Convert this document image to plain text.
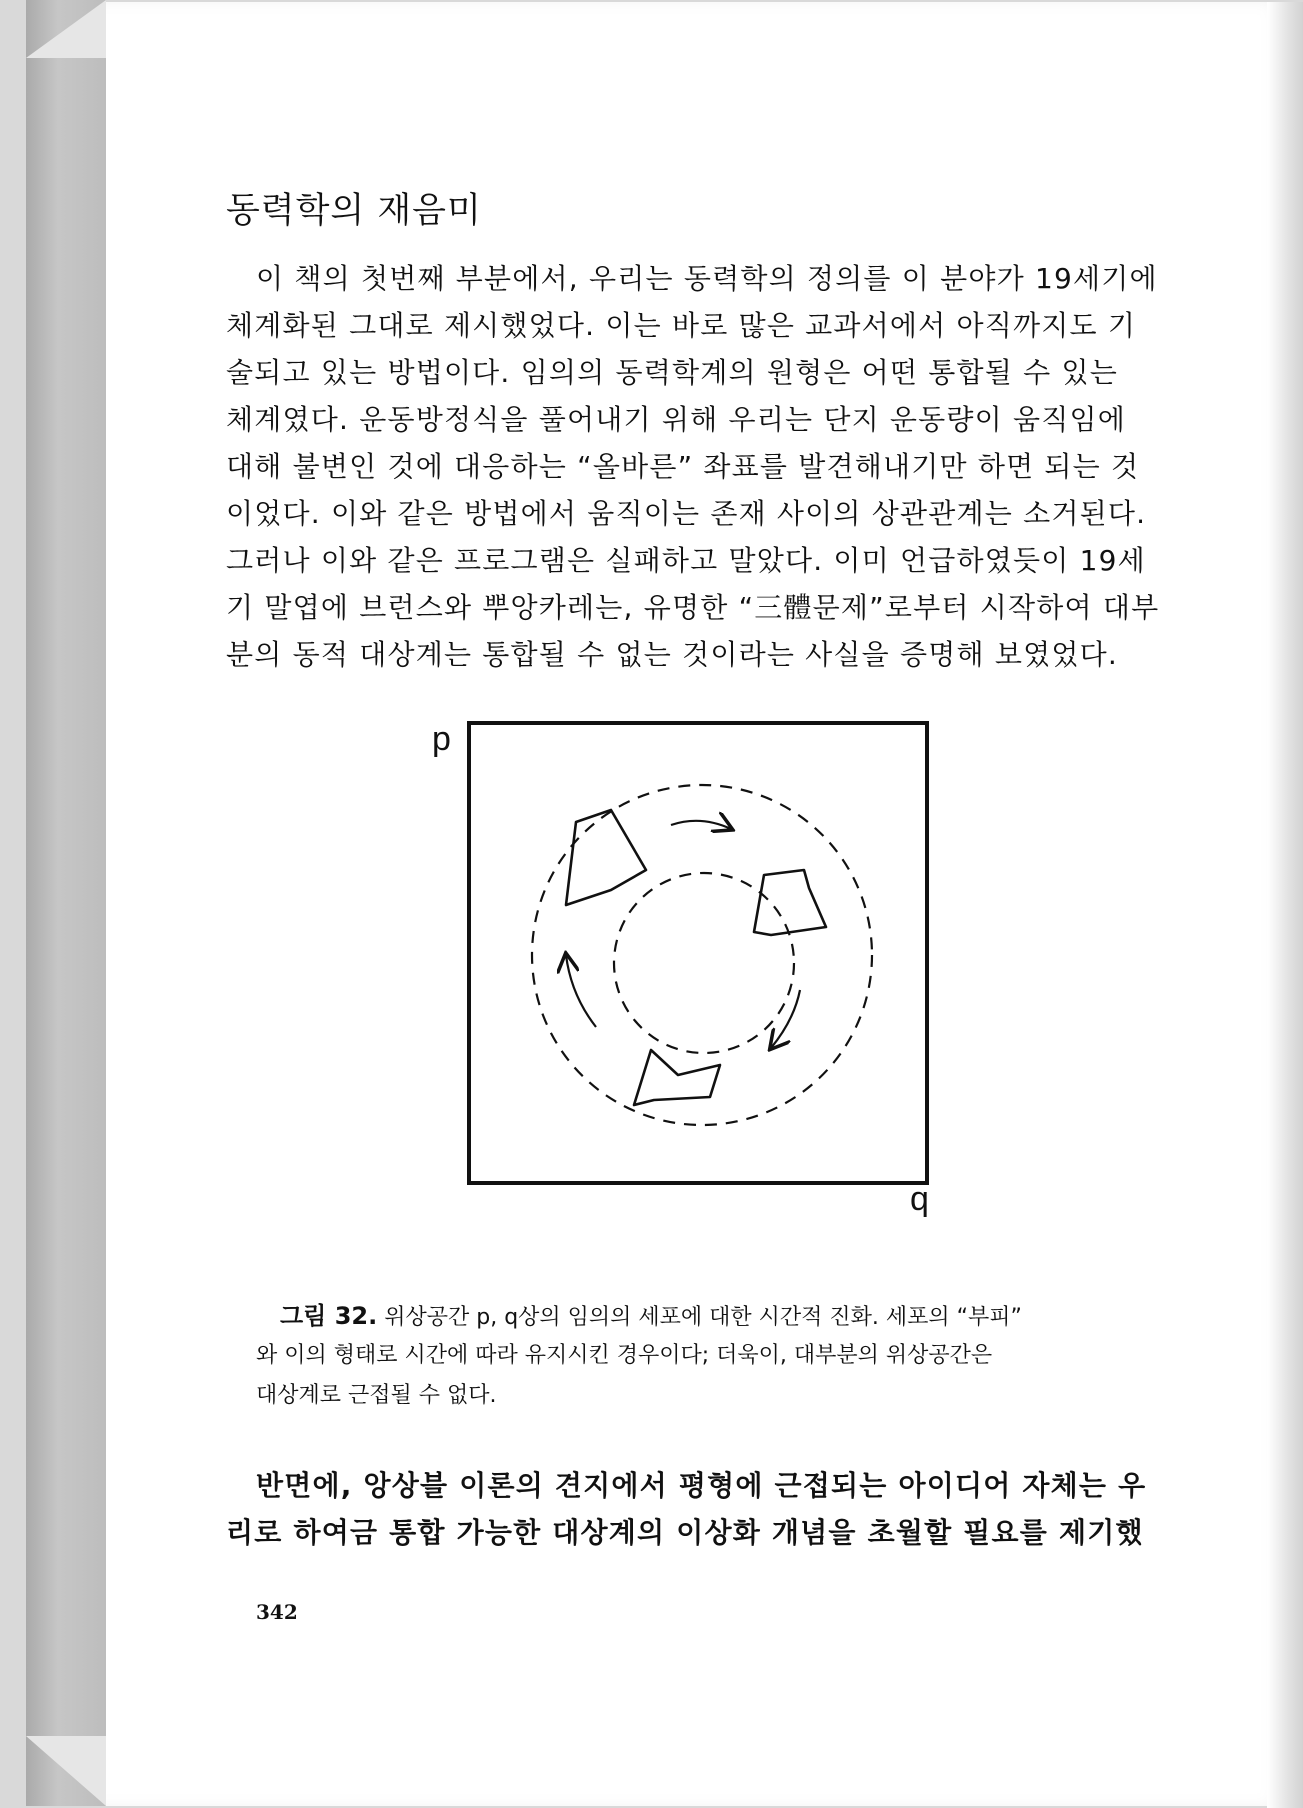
동력학의 재음미
이 책의 첫번째 부분에서, 우리는 동력학의 정의를 이 분야가 19세기에
체계화된 그대로 제시했었다. 이는 바로 많은 교과서에서 아직까지도 기
술되고 있는 방법이다. 임의의 동력학계의 원형은 어떤 통합될 수 있는
체계였다. 운동방정식을 풀어내기 위해 우리는 단지 운동량이 움직임에
대해 불변인 것에 대응하는 “올바른” 좌표를 발견해내기만 하면 되는 것
이었다. 이와 같은 방법에서 움직이는 존재 사이의 상관관계는 소거된다.
그러나 이와 같은 프로그램은 실패하고 말았다. 이미 언급하였듯이 19세
기 말엽에 브런스와 뿌앙카레는, 유명한 “三體문제”로부터 시작하여 대부
분의 동적 대상계는 통합될 수 없는 것이라는 사실을 증명해 보였었다.
p
q
그림 32. 위상공간 p, q상의 임의의 세포에 대한 시간적 진화. 세포의 “부피”
와 이의 형태로 시간에 따라 유지시킨 경우이다; 더욱이, 대부분의 위상공간은
대상계로 근접될 수 없다.
반면에, 앙상블 이론의 견지에서 평형에 근접되는 아이디어 자체는 우
리로 하여금 통합 가능한 대상계의 이상화 개념을 초월할 필요를 제기했
342
